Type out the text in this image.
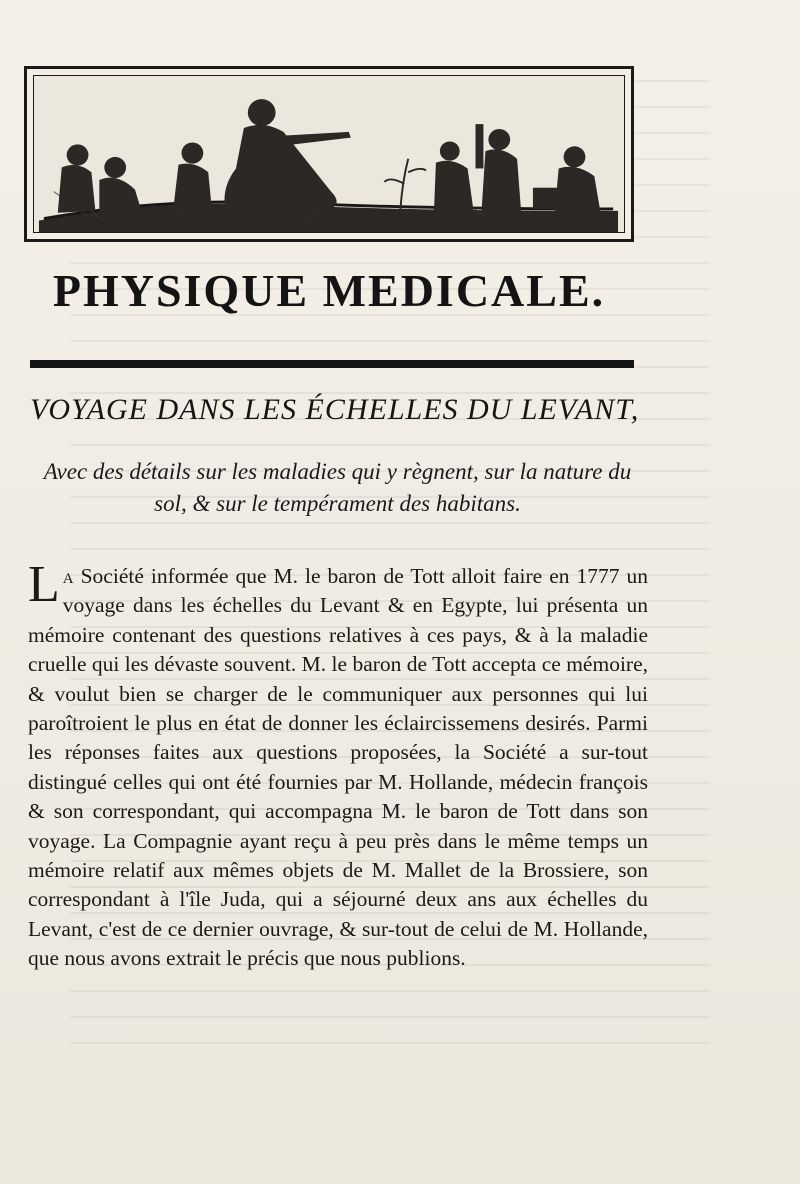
PHYSIQUE MEDICALE.
VOYAGE DANS LES ÉCHELLES DU LEVANT,
Avec des détails sur les maladies qui y règnent, sur la nature du sol, & sur le tempérament des habitans.
La Société informée que M. le baron de Tott alloit faire en 1777 un voyage dans les échelles du Levant & en Egypte, lui présenta un mémoire contenant des questions relatives à ces pays, & à la maladie cruelle qui les dévaste souvent. M. le baron de Tott accepta ce mémoire, & voulut bien se charger de le communiquer aux personnes qui lui paroîtroient le plus en état de donner les éclaircissemens desirés. Parmi les réponses faites aux questions proposées, la Société a sur-tout distingué celles qui ont été fournies par M. Hollande, médecin françois & son correspondant, qui accompagna M. le baron de Tott dans son voyage. La Compagnie ayant reçu à peu près dans le même temps un mémoire relatif aux mêmes objets de M. Mallet de la Brossiere, son correspondant à l'île Juda, qui a séjourné deux ans aux échelles du Levant, c'est de ce dernier ouvrage, & sur-tout de celui de M. Hollande, que nous avons extrait le précis que nous publions.
